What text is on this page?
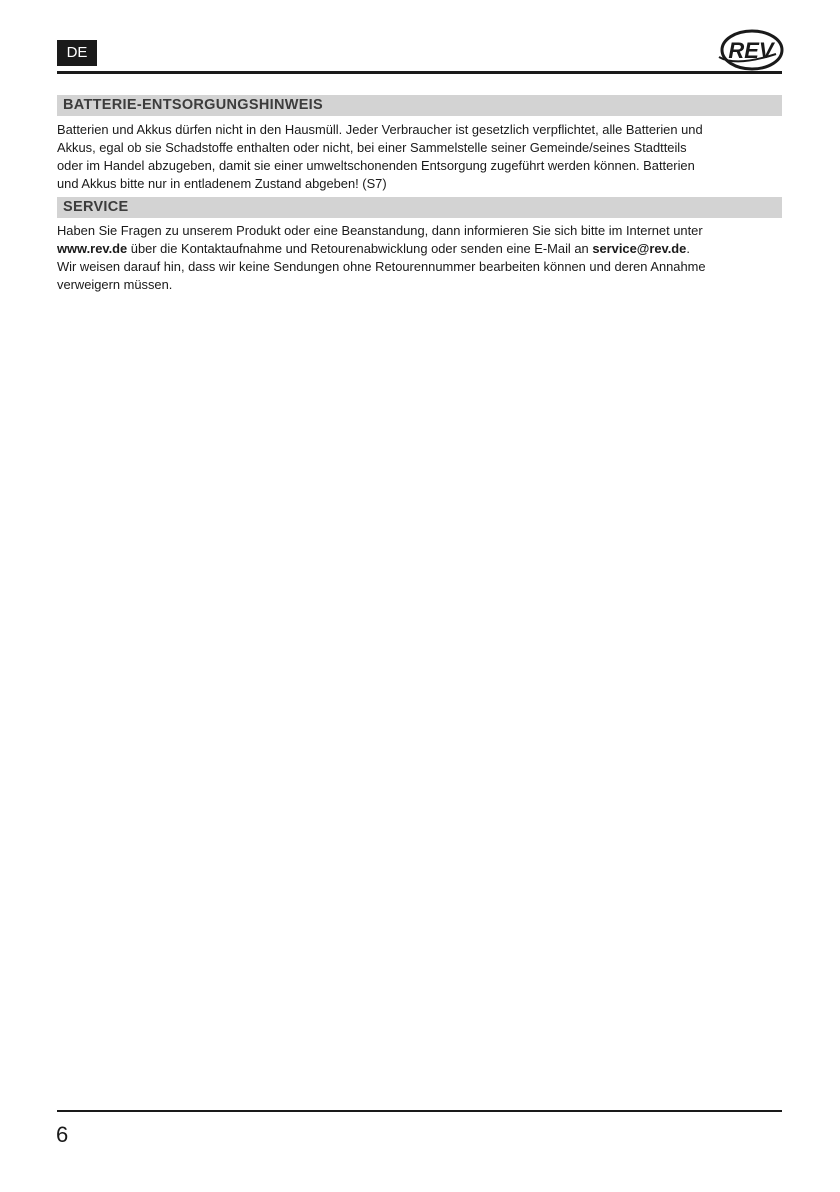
DE	REV
BATTERIE-ENTSORGUNGSHINWEIS
Batterien und Akkus dürfen nicht in den Hausmüll. Jeder Verbraucher ist gesetzlich verpflichtet, alle Batterien und
Akkus, egal ob sie Schadstoffe enthalten oder nicht, bei einer Sammelstelle seiner Gemeinde/seines Stadtteils
oder im Handel abzugeben, damit sie einer umweltschonenden Entsorgung zugeführt werden können. Batterien
und Akkus bitte nur in entladenem Zustand abgeben! (S7)
SERVICE
Haben Sie Fragen zu unserem Produkt oder eine Beanstandung, dann informieren Sie sich bitte im Internet unter
www.rev.de über die Kontaktaufnahme und Retourenabwicklung oder senden eine E-Mail an service@rev.de.
Wir weisen darauf hin, dass wir keine Sendungen ohne Retourennummer bearbeiten können und deren Annahme
verweigern müssen.
6
